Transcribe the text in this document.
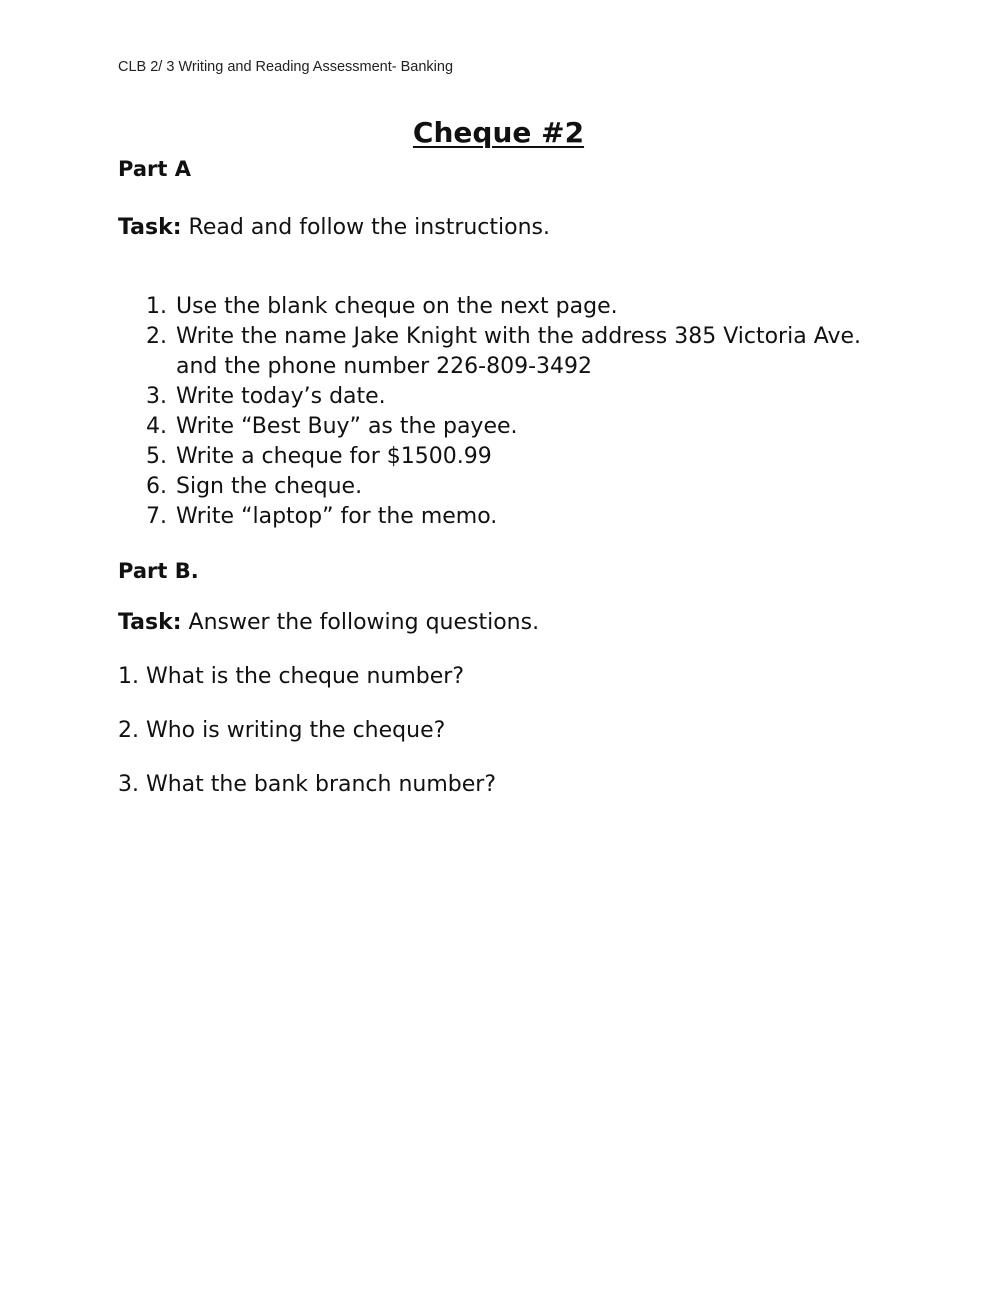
CLB 2/ 3 Writing and Reading Assessment- Banking
Cheque #2
Part A
Task: Read and follow the instructions.
1. Use the blank cheque on the next page.
2. Write the name Jake Knight with the address 385 Victoria Ave. and the phone number 226-809-3492
3. Write today’s date.
4. Write “Best Buy” as the payee.
5. Write a cheque for $1500.99
6. Sign the cheque.
7. Write “laptop” for the memo.
Part B.
Task: Answer the following questions.
1. What is the cheque number?
2. Who is writing the cheque?
3. What the bank branch number?
